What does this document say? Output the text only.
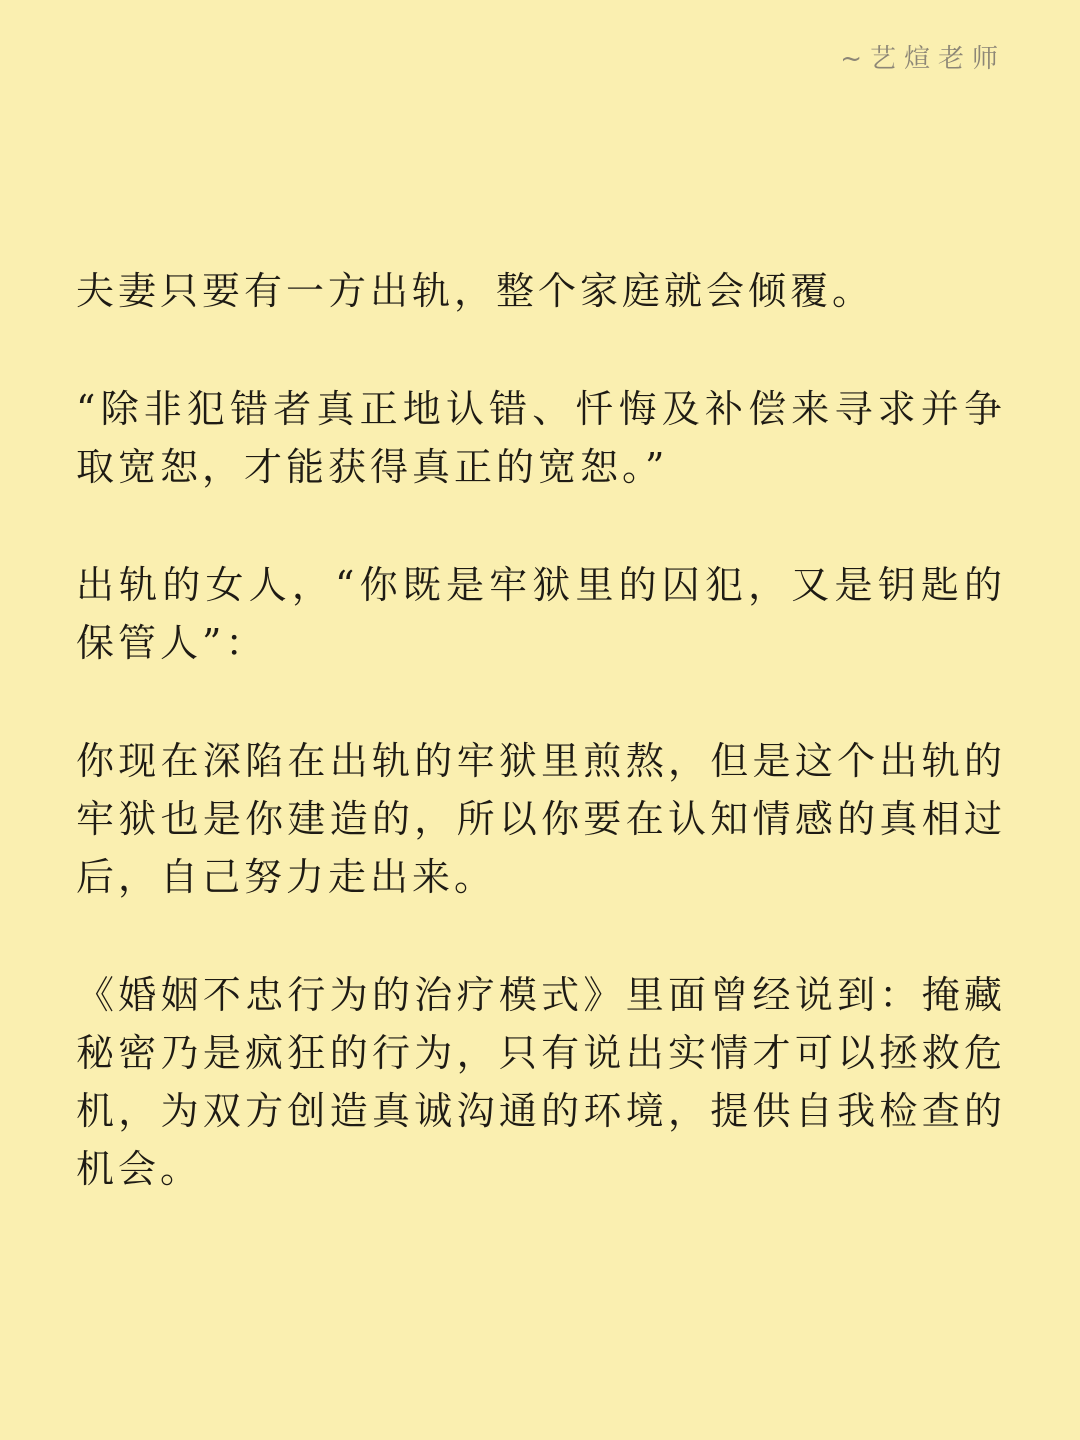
~艺煊老师

夫妻只要有一方出轨，整个家庭就会倾覆。

“除非犯错者真正地认错、忏悔及补偿来寻求并争取宽恕，才能获得真正的宽恕。”

出轨的女人，“你既是牢狱里的囚犯，又是钥匙的保管人”：

你现在深陷在出轨的牢狱里煎熬，但是这个出轨的牢狱也是你建造的，所以你要在认知情感的真相过后，自己努力走出来。

《婚姻不忠行为的治疗模式》里面曾经说到：掩藏秘密乃是疯狂的行为，只有说出实情才可以拯救危机，为双方创造真诚沟通的环境，提供自我检查的机会。
